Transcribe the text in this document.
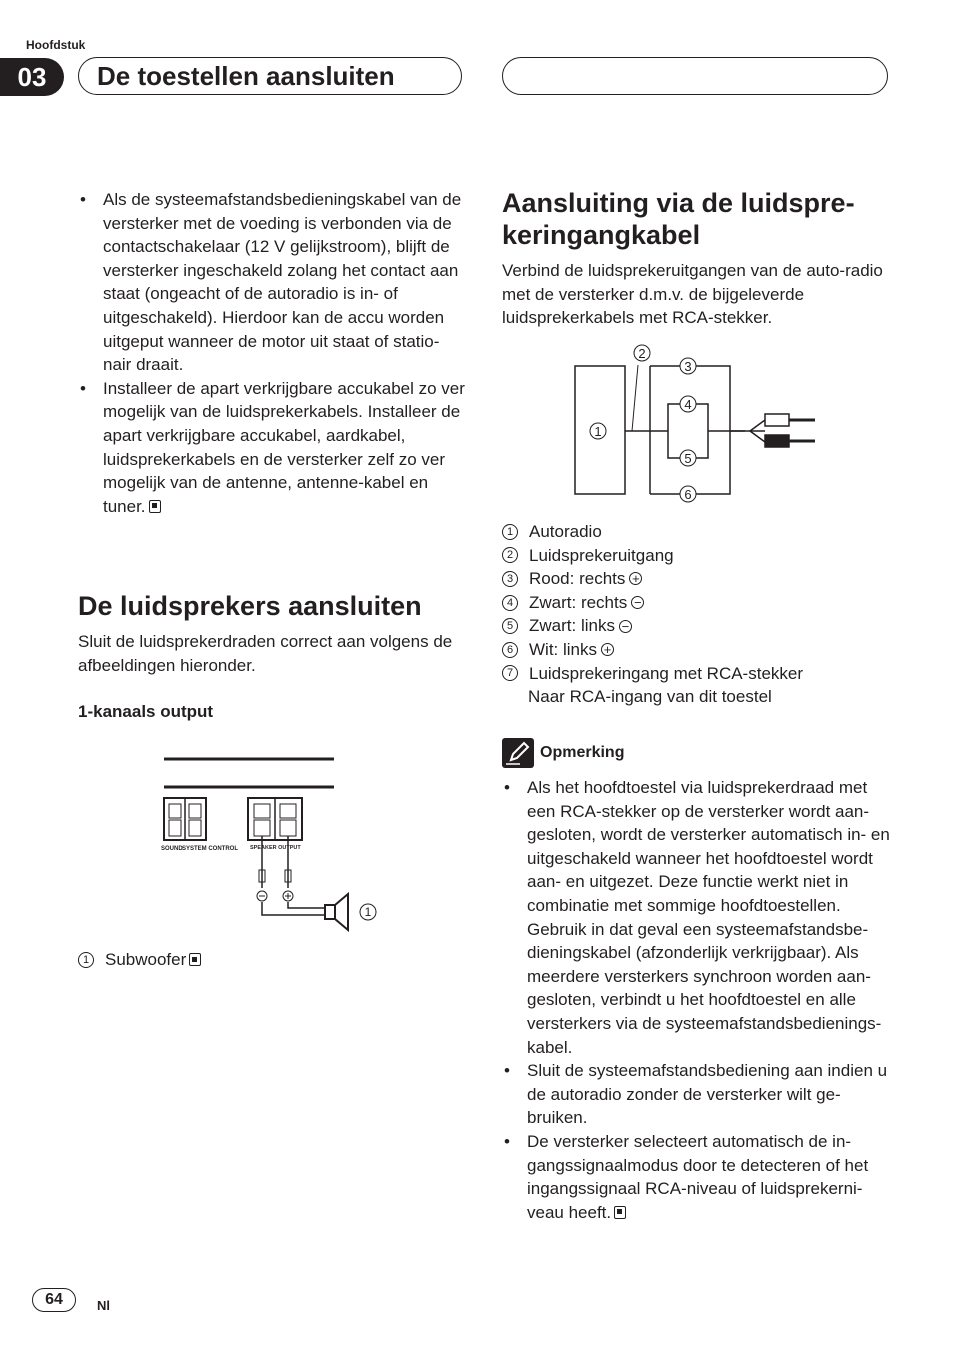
Hoofdstuk
03	De toestellen aansluiten
• Als de systeemafstandsbedieningskabel van de versterker met de voeding is verbonden via de contactschakelaar (12 V gelijkstroom), blijft de versterker ingeschakeld zolang het contact aan staat (ongeacht of de autoradio is in- of uitgeschakeld). Hierdoor kan de accu worden uitgeput wanneer de motor uit staat of statio-nair draait.
• Installeer de apart verkrijgbare accukabel zo ver mogelijk van de luidsprekerkabels. Installeer de apart verkrijgbare accukabel, aardkabel, luidsprekerkabels en de versterker zelf zo ver mogelijk van de antenne, antenne-kabel en tuner.
De luidsprekers aansluiten
Sluit de luidsprekerdraden correct aan volgens de afbeeldingen hieronder.
1-kanaals output
SOUND SYSTEM CONTROL SPEAKER OUTPUT
1
1 Subwoofer
Aansluiting via de luidspre-keringangkabel
Verbind de luidsprekeruitgangen van de auto-radio met de versterker d.m.v. de bijgeleverde luidsprekerkabels met RCA-stekker.
1
2
3
4
5
6
1 Autoradio
2 Luidsprekeruitgang
3 Rood: rechts +
4 Zwart: rechts −
5 Zwart: links −
6 Wit: links +
7 Luidsprekeringang met RCA-stekker
Naar RCA-ingang van dit toestel
Opmerking
• Als het hoofdtoestel via luidsprekerdraad met een RCA-stekker op de versterker wordt aan-gesloten, wordt de versterker automatisch in- en uitgeschakeld wanneer het hoofdtoestel wordt aan- en uitgezet. Deze functie werkt niet in combinatie met sommige hoofdtoestellen. Gebruik in dat geval een systeemafstandsbe-dieningskabel (afzonderlijk verkrijgbaar). Als meerdere versterkers synchroon worden aan-gesloten, verbindt u het hoofdtoestel en alle versterkers via de systeemafstandsbedienings-kabel.
• Sluit de systeemafstandsbediening aan indien u de autoradio zonder de versterker wilt ge-bruiken.
• De versterker selecteert automatisch de in-gangssignaalmodus door te detecteren of het ingangssignaal RCA-niveau of luidsprekerni-veau heeft.
64	Nl
